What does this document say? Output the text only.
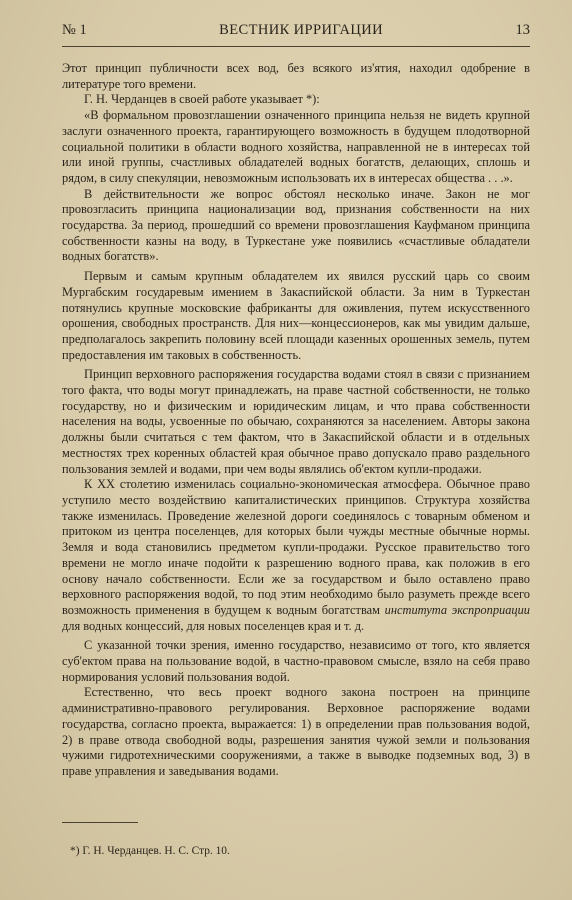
№ 1	ВЕСТНИК ИРРИГАЦИИ	13

Этот принцип публичности всех вод, без всякого из'ятия, находил одобрение в литературе того времени.

Г. Н. Черданцев в своей работе указывает *):

«В формальном провозглашении означенного принципа нельзя не видеть крупной заслуги означенного проекта, гарантирующего возможность в будущем плодотворной социальной политики в области водного хозяйства, направленной не в интересах той или иной группы, счастливых обладателей водных богатств, делающих, сплошь и рядом, в силу спекуляции, невозможным использовать их в интересах общества . . .».

В действительности же вопрос обстоял несколько иначе. Закон не мог провозгласить принципа национализации вод, признания собственности на них государства. За период, прошедший со времени провозглашения Кауфманом принципа собственности казны на воду, в Туркестане уже появились «счастливые обладатели водных богатств».

Первым и самым крупным обладателем их явился русский царь со своим Мургабским государевым имением в Закаспийской области. За ним в Туркестан потянулись крупные московские фабриканты для оживления, путем искусственного орошения, свободных пространств. Для них—концессионеров, как мы увидим дальше, предполагалось закрепить половину всей площади казенных орошенных земель, путем предоставления им таковых в собственность.

Принцип верховного распоряжения государства водами стоял в связи с признанием того факта, что воды могут принадлежать, на праве частной собственности, не только государству, но и физическим и юридическим лицам, и что права собственности населения на воды, усвоенные по обычаю, сохраняются за населением. Авторы закона должны были считаться с тем фактом, что в Закаспийской области и в отдельных местностях трех коренных областей края обычное право допускало право раздельного пользования землей и водами, при чем воды являлись об'ектом купли-продажи.

К XX столетию изменилась социально-экономическая атмосфера. Обычное право уступило место воздействию капиталистических принципов. Структура хозяйства также изменилась. Проведение железной дороги соединялось с товарным обменом и притоком из центра поселенцев, для которых были чужды местные обычные нормы. Земля и вода становились предметом купли-продажи. Русское правительство того времени не могло иначе подойти к разрешению водного права, как положив в его основу начало собственности. Если же за государством и было оставлено право верховного распоряжения водой, то под этим необходимо было разуметь прежде всего возможность применения в будущем к водным богатствам института экспроприации для водных концессий, для новых поселенцев края и т. д.

С указанной точки зрения, именно государство, независимо от того, кто является суб'ектом права на пользование водой, в частно-правовом смысле, взяло на себя право нормирования условий пользования водой.

Естественно, что весь проект водного закона построен на принципе административно-правового регулирования. Верховное распоряжение водами государства, согласно проекта, выражается: 1) в определении прав пользования водой, 2) в праве отвода свободной воды, разрешения занятия чужой земли и пользования чужими гидротехническими сооружениями, а также в выводке подземных вод, 3) в праве управления и заведывания водами.

*) Г. Н. Черданцев. Н. С. Стр. 10.
